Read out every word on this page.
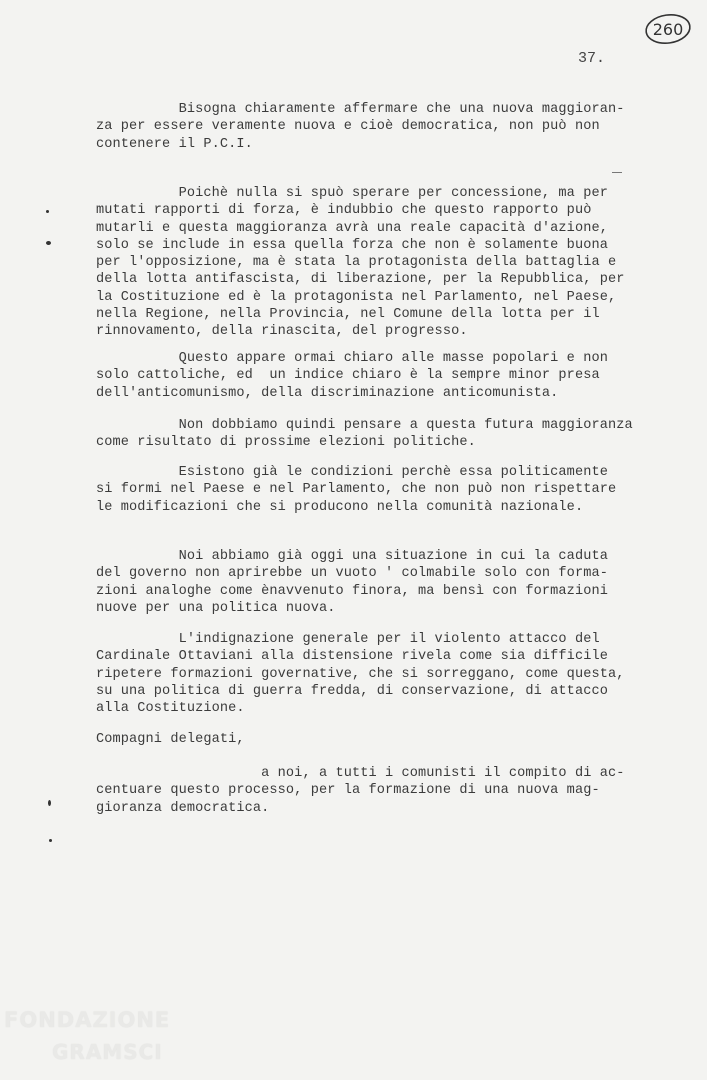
260
37.
Bisogna chiaramente affermare che una nuova maggioran-
za per essere veramente nuova e cioè democratica, non può non
contenere il P.C.I.
Poichè nulla si spuò sperare per concessione, ma per
mutati rapporti di forza, è indubbio che questo rapporto può
mutarli e questa maggioranza avrà una reale capacità d'azione,
solo se include in essa quella forza che non è solamente buona
per l'opposizione, ma è stata la protagonista della battaglia e
della lotta antifascista, di liberazione, per la Repubblica, per
la Costituzione ed è la protagonista nel Parlamento, nel Paese,
nella Regione, nella Provincia, nel Comune della lotta per il
rinnovamento, della rinascita, del progresso.
Questo appare ormai chiaro alle masse popolari e non
solo cattoliche, ed  un indice chiaro è la sempre minor presa
dell'anticomunismo, della discriminazione anticomunista.
Non dobbiamo quindi pensare a questa futura maggioranza
come risultato di prossime elezioni politiche.
Esistono già le condizioni perchè essa politicamente
si formi nel Paese e nel Parlamento, che non può non rispettare
le modificazioni che si producono nella comunità nazionale.
Noi abbiamo già oggi una situazione in cui la caduta
del governo non aprirebbe un vuoto ' colmabile solo con forma-
zioni analoghe come ènavvenuto finora, ma bensì con formazioni
nuove per una politica nuova.
L'indignazione generale per il violento attacco del
Cardinale Ottaviani alla distensione rivela come sia difficile
ripetere formazioni governative, che si sorreggano, come questa,
su una politica di guerra fredda, di conservazione, di attacco
alla Costituzione.
Compagni delegati,
a noi, a tutti i comunisti il compito di ac-
centuare questo processo, per la formazione di una nuova mag-
gioranza democratica.
FONDAZIONE
GRAMSCI
